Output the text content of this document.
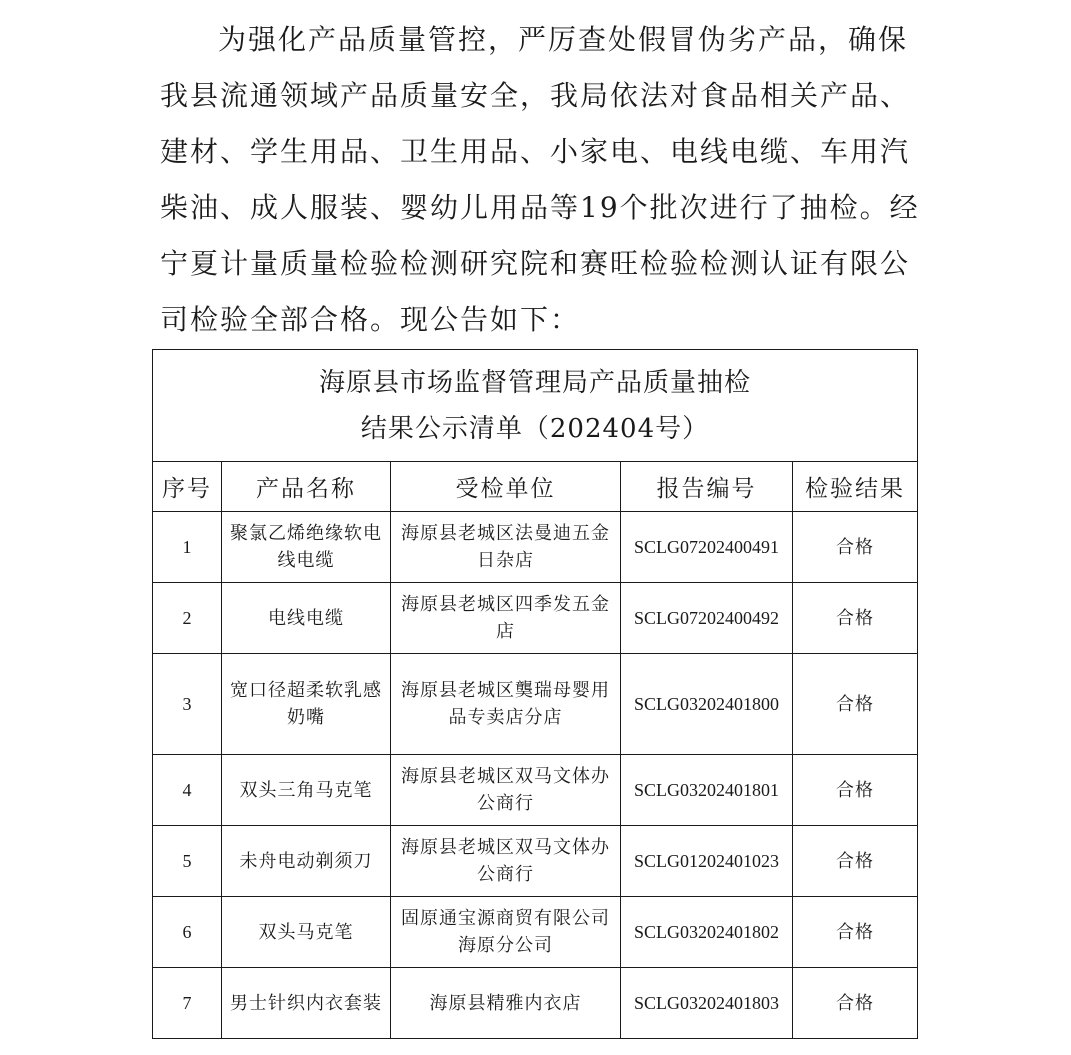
为强化产品质量管控，严厉查处假冒伪劣产品，确保我县流通领域产品质量安全，我局依法对食品相关产品、建材、学生用品、卫生用品、小家电、电线电缆、车用汽柴油、成人服装、婴幼儿用品等19个批次进行了抽检。经宁夏计量质量检验检测研究院和赛旺检验检测认证有限公司检验全部合格。现公告如下：

海原县市场监督管理局产品质量抽检
结果公示清单（202404号）				

序号	产品名称	受检单位	报告编号	检验结果
1	聚氯乙烯绝缘软电线电缆	海原县老城区法曼迪五金日杂店	SCLG07202400491	合格
2	电线电缆	海原县老城区四季发五金店	SCLG07202400492	合格
3	宽口径超柔软乳感奶嘴	海原县老城区龑瑞母婴用品专卖店分店	SCLG03202401800	合格
4	双头三角马克笔	海原县老城区双马文体办公商行	SCLG03202401801	合格
5	未舟电动剃须刀	海原县老城区双马文体办公商行	SCLG01202401023	合格
6	双头马克笔	固原通宝源商贸有限公司海原分公司	SCLG03202401802	合格
7	男士针织内衣套装	海原县精雅内衣店	SCLG03202401803	合格
